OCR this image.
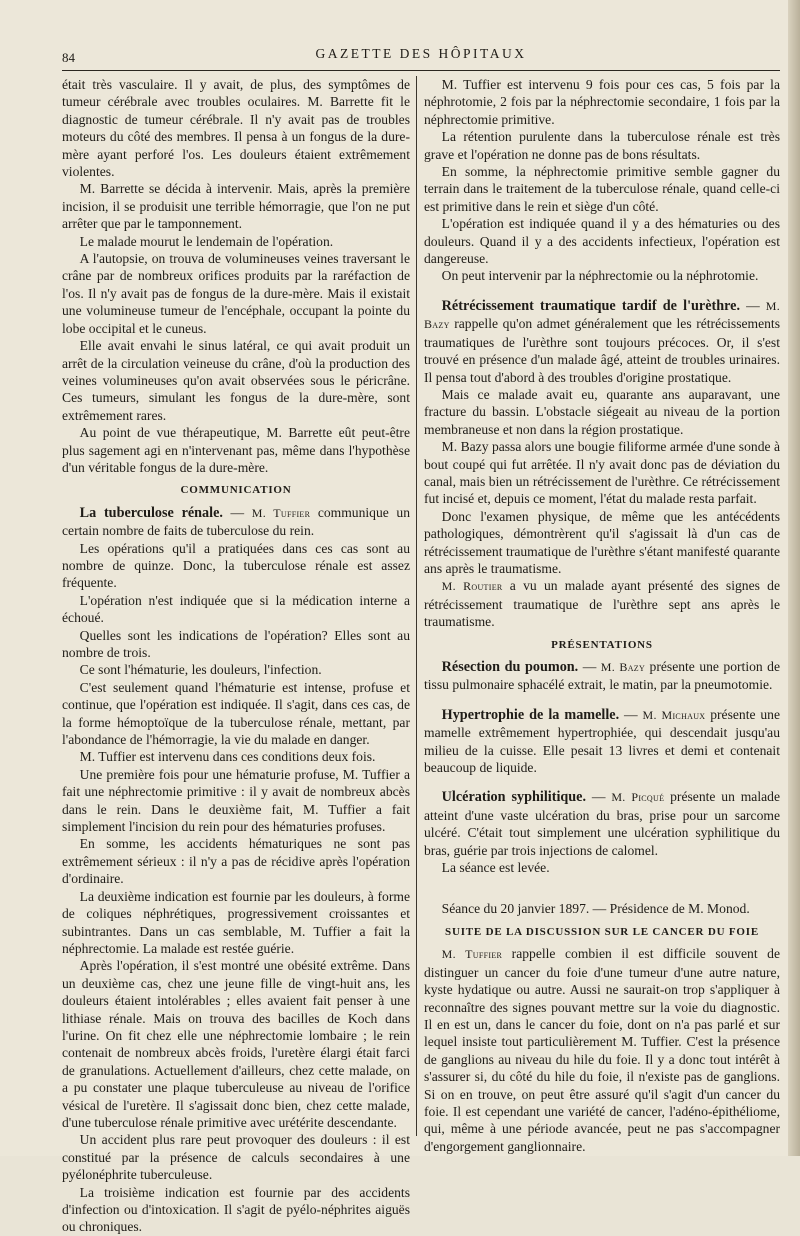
84	GAZETTE DES HÔPITAUX

était très vasculaire. Il y avait, de plus, des symptômes de tumeur cérébrale avec troubles oculaires. M. Barrette fit le diagnostic de tumeur cérébrale. Il n'y avait pas de troubles moteurs du côté des membres. Il pensa à un fongus de la dure-mère ayant perforé l'os. Les douleurs étaient extrêmement violentes.

M. Barrette se décida à intervenir. Mais, après la première incision, il se produisit une terrible hémorragie, que l'on ne put arrêter que par le tamponnement.

Le malade mourut le lendemain de l'opération.

A l'autopsie, on trouva de volumineuses veines traversant le crâne par de nombreux orifices produits par la raréfaction de l'os. Il n'y avait pas de fongus de la dure-mère. Mais il existait une volumineuse tumeur de l'encéphale, occupant la pointe du lobe occipital et le cuneus.

Elle avait envahi le sinus latéral, ce qui avait produit un arrêt de la circulation veineuse du crâne, d'où la production des veines volumineuses qu'on avait observées sous le péricrâne. Ces tumeurs, simulant les fongus de la dure-mère, sont extrêmement rares.

Au point de vue thérapeutique, M. Barrette eût peut-être plus sagement agi en n'intervenant pas, même dans l'hypothèse d'un véritable fongus de la dure-mère.

COMMUNICATION

La tuberculose rénale. — M. Tuffier communique un certain nombre de faits de tuberculose du rein.

Les opérations qu'il a pratiquées dans ces cas sont au nombre de quinze. Donc, la tuberculose rénale est assez fréquente.

L'opération n'est indiquée que si la médication interne a échoué.

Quelles sont les indications de l'opération? Elles sont au nombre de trois.

Ce sont l'hématurie, les douleurs, l'infection.

C'est seulement quand l'hématurie est intense, profuse et continue, que l'opération est indiquée. Il s'agit, dans ces cas, de la forme hémoptoïque de la tuberculose rénale, mettant, par l'abondance de l'hémorragie, la vie du malade en danger.

M. Tuffier est intervenu dans ces conditions deux fois.

Une première fois pour une hématurie profuse, M. Tuffier a fait une néphrectomie primitive : il y avait de nombreux abcès dans le rein. Dans le deuxième fait, M. Tuffier a fait simplement l'incision du rein pour des hématuries profuses.

En somme, les accidents hématuriques ne sont pas extrêmement sérieux : il n'y a pas de récidive après l'opération d'ordinaire.

La deuxième indication est fournie par les douleurs, à forme de coliques néphrétiques, progressivement croissantes et subintrantes. Dans un cas semblable, M. Tuffier a fait la néphrectomie. La malade est restée guérie.

Après l'opération, il s'est montré une obésité extrême. Dans un deuxième cas, chez une jeune fille de vingt-huit ans, les douleurs étaient intolérables ; elles avaient fait penser à une lithiase rénale. Mais on trouva des bacilles de Koch dans l'urine. On fit chez elle une néphrectomie lombaire ; le rein contenait de nombreux abcès froids, l'uretère élargi était farci de granulations. Actuellement d'ailleurs, chez cette malade, on a pu constater une plaque tuberculeuse au niveau de l'orifice vésical de l'uretère. Il s'agissait donc bien, chez cette malade, d'une tuberculose rénale primitive avec urétérite descendante.

Un accident plus rare peut provoquer des douleurs : il est constitué par la présence de calculs secondaires à une pyélonéphrite tuberculeuse.

La troisième indication est fournie par des accidents d'infection ou d'intoxication. Il s'agit de pyélo-néphrites aiguës ou chroniques.

M. Tuffier est intervenu 9 fois pour ces cas, 5 fois par la néphrotomie, 2 fois par la néphrectomie secondaire, 1 fois par la néphrectomie primitive.

La rétention purulente dans la tuberculose rénale est très grave et l'opération ne donne pas de bons résultats.

En somme, la néphrectomie primitive semble gagner du terrain dans le traitement de la tuberculose rénale, quand celle-ci est primitive dans le rein et siège d'un côté.

L'opération est indiquée quand il y a des hématuries ou des douleurs. Quand il y a des accidents infectieux, l'opération est dangereuse.

On peut intervenir par la néphrectomie ou la néphrotomie.

Rétrécissement traumatique tardif de l'urèthre. — M. Bazy rappelle qu'on admet généralement que les rétrécissements traumatiques de l'urèthre sont toujours précoces. Or, il s'est trouvé en présence d'un malade âgé, atteint de troubles urinaires. Il pensa tout d'abord à des troubles d'origine prostatique.

Mais ce malade avait eu, quarante ans auparavant, une fracture du bassin. L'obstacle siégeait au niveau de la portion membraneuse et non dans la région prostatique.

M. Bazy passa alors une bougie filiforme armée d'une sonde à bout coupé qui fut arrêtée. Il n'y avait donc pas de déviation du canal, mais bien un rétrécissement de l'urèthre. Ce rétrécissement fut incisé et, depuis ce moment, l'état du malade resta parfait.

Donc l'examen physique, de même que les antécédents pathologiques, démontrèrent qu'il s'agissait là d'un cas de rétrécissement traumatique de l'urèthre s'étant manifesté quarante ans après le traumatisme.

M. Routier a vu un malade ayant présenté des signes de rétrécissement traumatique de l'urèthre sept ans après le traumatisme.

PRÉSENTATIONS

Résection du poumon. — M. Bazy présente une portion de tissu pulmonaire sphacélé extrait, le matin, par la pneumotomie.

Hypertrophie de la mamelle. — M. Michaux présente une mamelle extrêmement hypertrophiée, qui descendait jusqu'au milieu de la cuisse. Elle pesait 13 livres et demi et contenait beaucoup de liquide.

Ulcération syphilitique. — M. Picqué présente un malade atteint d'une vaste ulcération du bras, prise pour un sarcome ulcéré. C'était tout simplement une ulcération syphilitique du bras, guérie par trois injections de calomel.

La séance est levée.

Séance du 20 janvier 1897. — Présidence de M. Monod.

SUITE DE LA DISCUSSION SUR LE CANCER DU FOIE

M. Tuffier rappelle combien il est difficile souvent de distinguer un cancer du foie d'une tumeur d'une autre nature, kyste hydatique ou autre. Aussi ne saurait-on trop s'appliquer à reconnaître des signes pouvant mettre sur la voie du diagnostic. Il en est un, dans le cancer du foie, dont on n'a pas parlé et sur lequel insiste tout particulièrement M. Tuffier. C'est la présence de ganglions au niveau du hile du foie. Il y a donc tout intérêt à s'assurer si, du côté du hile du foie, il n'existe pas de ganglions. Si on en trouve, on peut être assuré qu'il s'agit d'un cancer du foie. Il est cependant une variété de cancer, l'adéno-épithéliome, qui, même à une période avancée, peut ne pas s'accompagner d'engorgement ganglionnaire.
